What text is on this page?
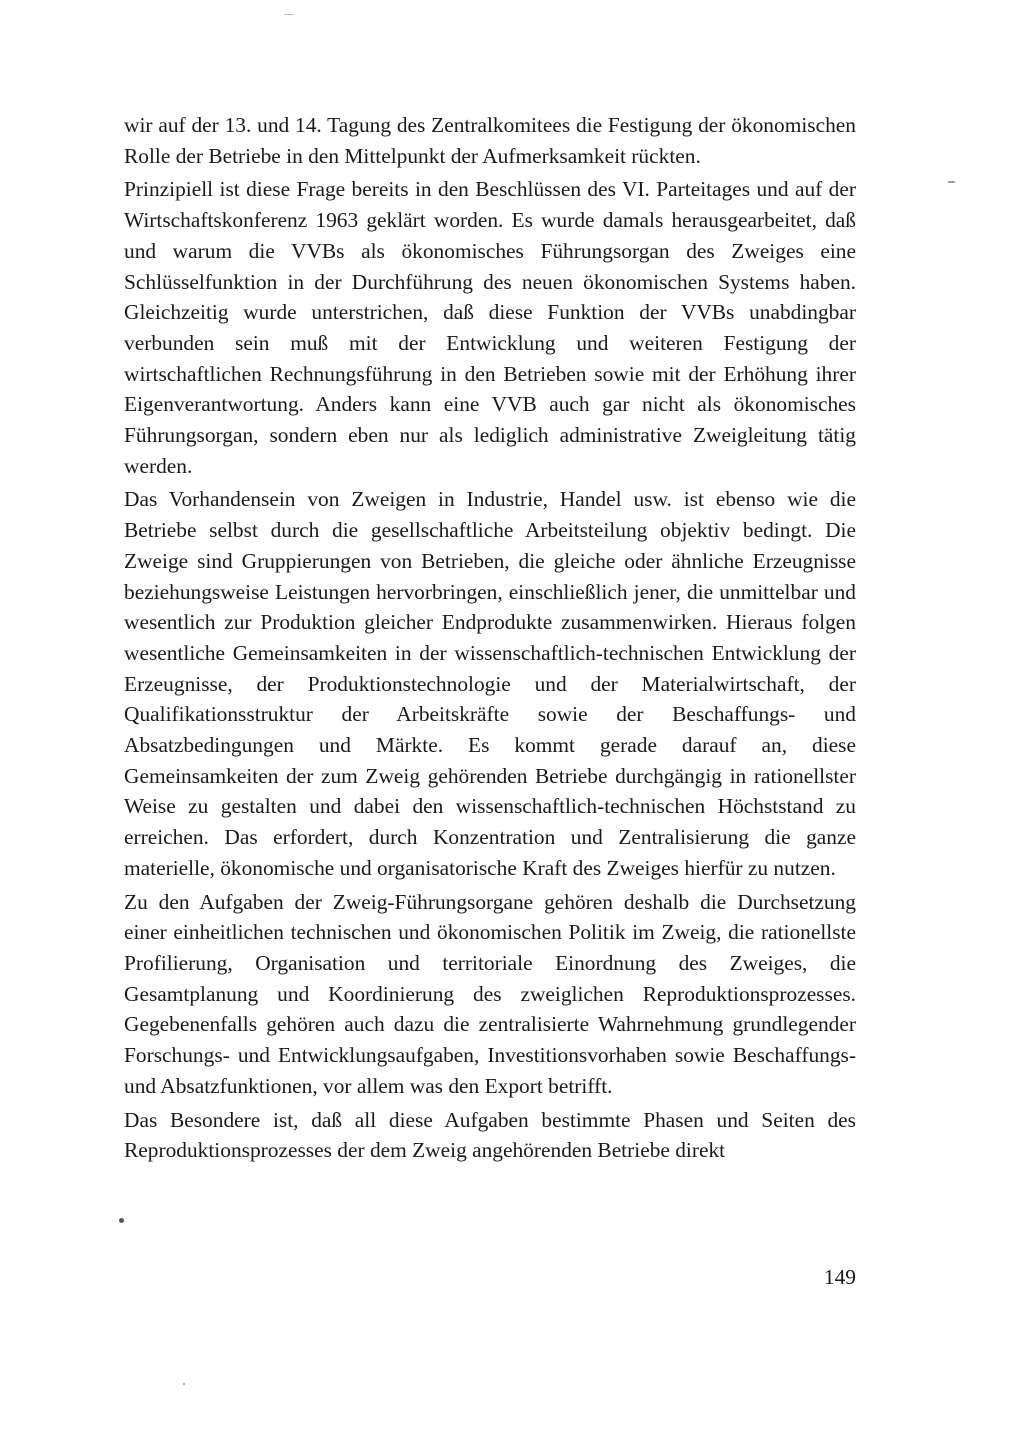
wir auf der 13. und 14. Tagung des Zentralkomitees die Festigung der ökonomischen Rolle der Betriebe in den Mittelpunkt der Aufmerksamkeit rückten.

Prinzipiell ist diese Frage bereits in den Beschlüssen des VI. Parteitages und auf der Wirtschaftskonferenz 1963 geklärt worden. Es wurde damals herausgearbeitet, daß und warum die VVBs als ökonomisches Führungsorgan des Zweiges eine Schlüsselfunktion in der Durchführung des neuen ökonomischen Systems haben. Gleichzeitig wurde unterstrichen, daß diese Funktion der VVBs unabdingbar verbunden sein muß mit der Entwicklung und weiteren Festigung der wirtschaftlichen Rechnungsführung in den Betrieben sowie mit der Erhöhung ihrer Eigenverantwortung. Anders kann eine VVB auch gar nicht als ökonomisches Führungsorgan, sondern eben nur als lediglich administrative Zweigleitung tätig werden.

Das Vorhandensein von Zweigen in Industrie, Handel usw. ist ebenso wie die Betriebe selbst durch die gesellschaftliche Arbeitsteilung objektiv bedingt. Die Zweige sind Gruppierungen von Betrieben, die gleiche oder ähnliche Erzeugnisse beziehungsweise Leistungen hervorbringen, einschließlich jener, die unmittelbar und wesentlich zur Produktion gleicher Endprodukte zusammenwirken. Hieraus folgen wesentliche Gemeinsamkeiten in der wissenschaftlich-technischen Entwicklung der Erzeugnisse, der Produktionstechnologie und der Materialwirtschaft, der Qualifikationsstruktur der Arbeitskräfte sowie der Beschaffungs- und Absatzbedingungen und Märkte. Es kommt gerade darauf an, diese Gemeinsamkeiten der zum Zweig gehörenden Betriebe durchgängig in rationellster Weise zu gestalten und dabei den wissenschaftlich-technischen Höchststand zu erreichen. Das erfordert, durch Konzentration und Zentralisierung die ganze materielle, ökonomische und organisatorische Kraft des Zweiges hierfür zu nutzen.

Zu den Aufgaben der Zweig-Führungsorgane gehören deshalb die Durchsetzung einer einheitlichen technischen und ökonomischen Politik im Zweig, die rationellste Profilierung, Organisation und territoriale Einordnung des Zweiges, die Gesamtplanung und Koordinierung des zweiglichen Reproduktionsprozesses. Gegebenenfalls gehören auch dazu die zentralisierte Wahrnehmung grundlegender Forschungs- und Entwicklungsaufgaben, Investitionsvorhaben sowie Beschaffungs- und Absatzfunktionen, vor allem was den Export betrifft.

Das Besondere ist, daß all diese Aufgaben bestimmte Phasen und Seiten des Reproduktionsprozesses der dem Zweig angehörenden Betriebe direkt

149
